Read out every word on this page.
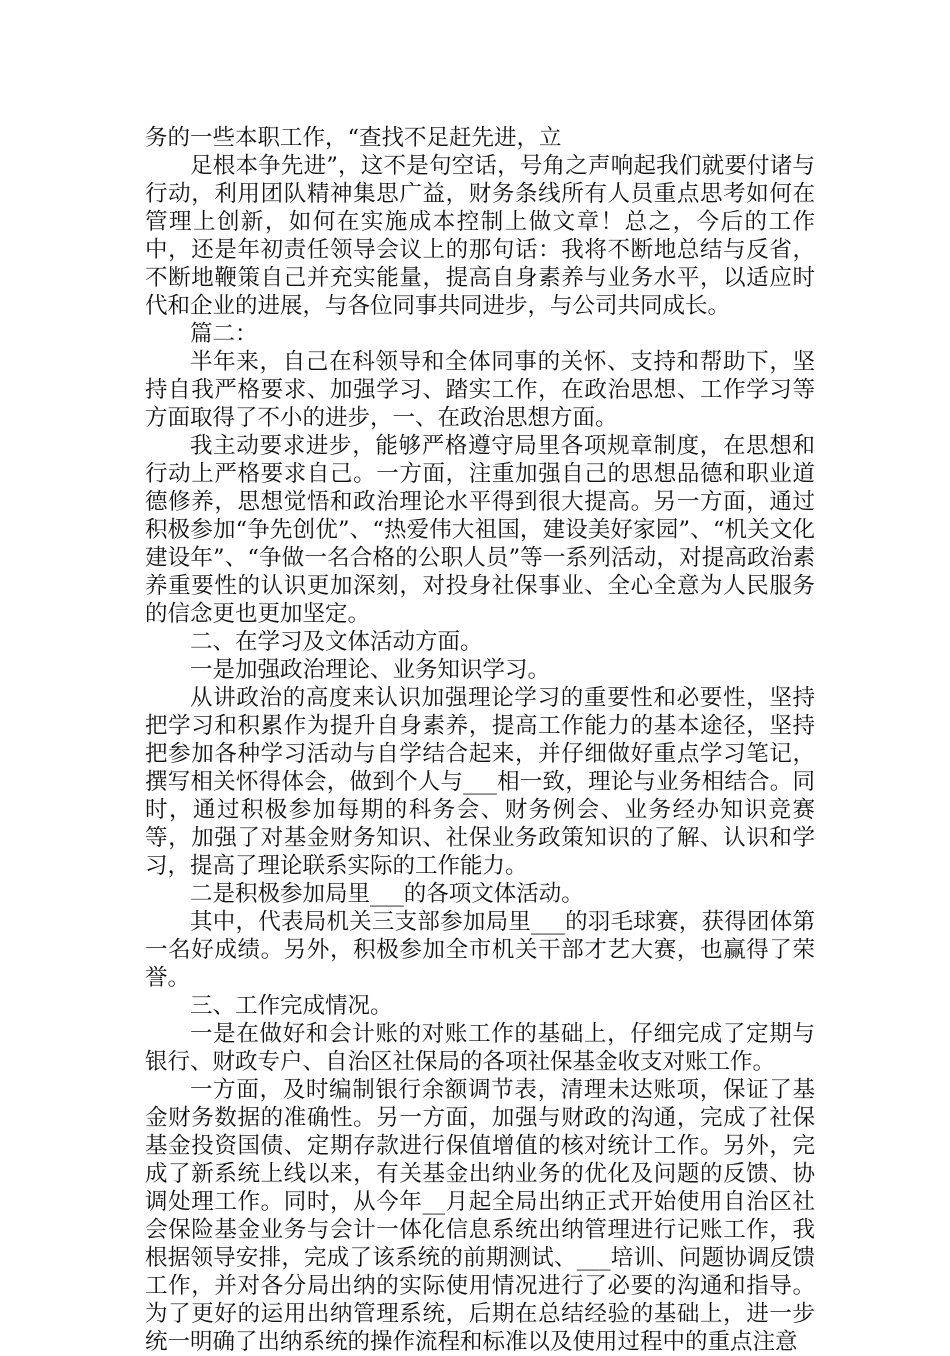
务的一些本职工作，“查找不足赶先进，立

足根本争先进”，这不是句空话，号角之声响起我们就要付诸与行动，利用团队精神集思广益，财务条线所有人员重点思考如何在管理上创新，如何在实施成本控制上做文章！总之，今后的工作中，还是年初责任领导会议上的那句话：我将不断地总结与反省，不断地鞭策自己并充实能量，提高自身素养与业务水平，以适应时代和企业的进展，与各位同事共同进步，与公司共同成长。

篇二：

半年来，自己在科领导和全体同事的关怀、支持和帮助下，坚持自我严格要求、加强学习、踏实工作，在政治思想、工作学习等方面取得了不小的进步，一、在政治思想方面。

我主动要求进步，能够严格遵守局里各项规章制度，在思想和行动上严格要求自己。一方面，注重加强自己的思想品德和职业道德修养，思想觉悟和政治理论水平得到很大提高。另一方面，通过积极参加“争先创优”、“热爱伟大祖国，建设美好家园”、“机关文化建设年”、“争做一名合格的公职人员”等一系列活动，对提高政治素养重要性的认识更加深刻，对投身社保事业、全心全意为人民服务的信念更也更加坚定。

二、在学习及文体活动方面。

一是加强政治理论、业务知识学习。

从讲政治的高度来认识加强理论学习的重要性和必要性，坚持把学习和积累作为提升自身素养，提高工作能力的基本途径，坚持把参加各种学习活动与自学结合起来，并仔细做好重点学习笔记，撰写相关怀得体会，做到个人与___相一致，理论与业务相结合。同时，通过积极参加每期的科务会、财务例会、业务经办知识竞赛等，加强了对基金财务知识、社保业务政策知识的了解、认识和学习，提高了理论联系实际的工作能力。

二是积极参加局里___的各项文体活动。

其中，代表局机关三支部参加局里___的羽毛球赛，获得团体第一名好成绩。另外，积极参加全市机关干部才艺大赛，也赢得了荣誉。

三、工作完成情况。

一是在做好和会计账的对账工作的基础上，仔细完成了定期与银行、财政专户、自治区社保局的各项社保基金收支对账工作。

一方面，及时编制银行余额调节表，清理未达账项，保证了基金财务数据的准确性。另一方面，加强与财政的沟通，完成了社保基金投资国债、定期存款进行保值增值的核对统计工作。另外，完成了新系统上线以来，有关基金出纳业务的优化及问题的反馈、协调处理工作。同时，从今年__月起全局出纳正式开始使用自治区社会保险基金业务与会计一体化信息系统出纳管理进行记账工作，我根据领导安排，完成了该系统的前期测试、___培训、问题协调反馈工作，并对各分局出纳的实际使用情况进行了必要的沟通和指导。为了更好的运用出纳管理系统，后期在总结经验的基础上，进一步统一明确了出纳系统的操作流程和标准以及使用过程中的重点注意
